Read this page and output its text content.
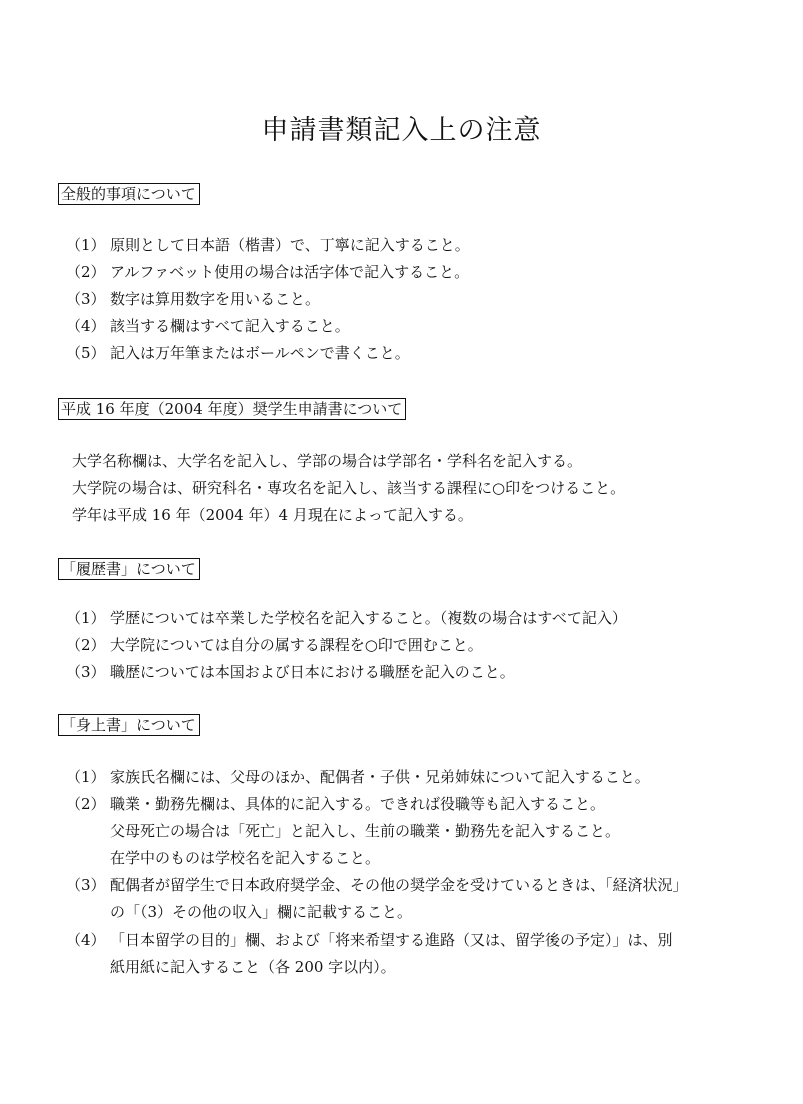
申請書類記入上の注意
全般的事項について
（1） 原則として日本語（楷書）で、丁寧に記入すること。
（2） アルファベット使用の場合は活字体で記入すること。
（3） 数字は算用数字を用いること。
（4） 該当する欄はすべて記入すること。
（5） 記入は万年筆またはボールペンで書くこと。
平成 16 年度（2004 年度）奨学生申請書について
大学名称欄は、大学名を記入し、学部の場合は学部名・学科名を記入する。
大学院の場合は、研究科名・専攻名を記入し、該当する課程に○印をつけること。
学年は平成 16 年（2004 年）4 月現在によって記入する。
「履歴書」について
（1） 学歴については卒業した学校名を記入すること。（複数の場合はすべて記入）
（2） 大学院については自分の属する課程を○印で囲むこと。
（3） 職歴については本国および日本における職歴を記入のこと。
「身上書」について
（1） 家族氏名欄には、父母のほか、配偶者・子供・兄弟姉妹について記入すること。
（2） 職業・勤務先欄は、具体的に記入する。できれば役職等も記入すること。
父母死亡の場合は「死亡」と記入し、生前の職業・勤務先を記入すること。
在学中のものは学校名を記入すること。
（3） 配偶者が留学生で日本政府奨学金、その他の奨学金を受けているときは、「経済状況」
の「（3）その他の収入」欄に記載すること。
（4） 「日本留学の目的」欄、および「将来希望する進路（又は、留学後の予定）」は、別
紙用紙に記入すること（各 200 字以内）。
